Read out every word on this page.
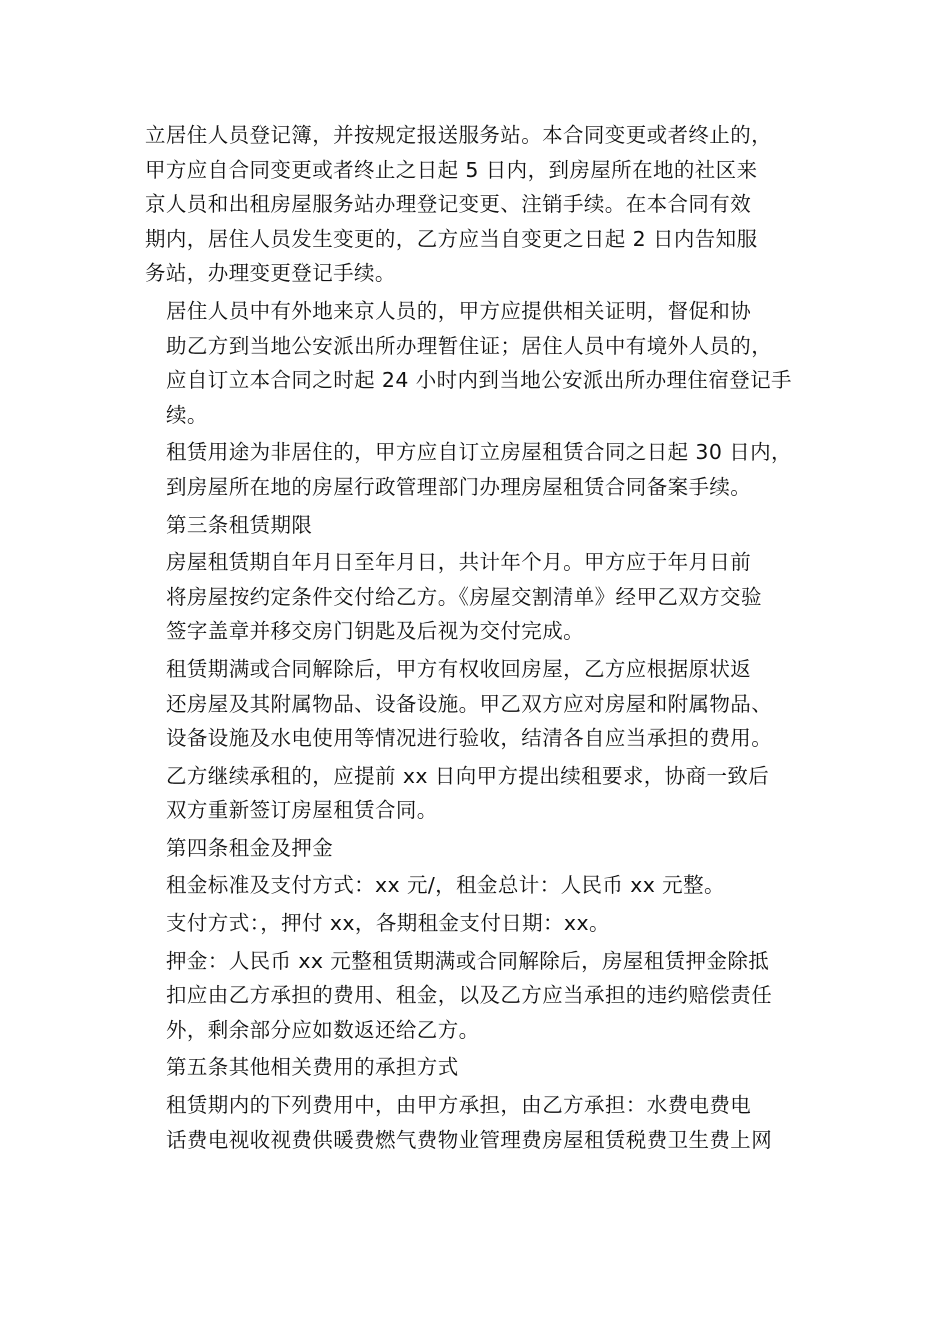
立居住人员登记簿，并按规定报送服务站。本合同变更或者终止的，
甲方应自合同变更或者终止之日起 5 日内，到房屋所在地的社区来
京人员和出租房屋服务站办理登记变更、注销手续。在本合同有效
期内，居住人员发生变更的，乙方应当自变更之日起 2 日内告知服
务站，办理变更登记手续。

居住人员中有外地来京人员的，甲方应提供相关证明，督促和协
助乙方到当地公安派出所办理暂住证；居住人员中有境外人员的，
应自订立本合同之时起 24 小时内到当地公安派出所办理住宿登记手
续。

租赁用途为非居住的，甲方应自订立房屋租赁合同之日起 30 日内，
到房屋所在地的房屋行政管理部门办理房屋租赁合同备案手续。

第三条租赁期限

房屋租赁期自年月日至年月日，共计年个月。甲方应于年月日前
将房屋按约定条件交付给乙方。《房屋交割清单》经甲乙双方交验
签字盖章并移交房门钥匙及后视为交付完成。

租赁期满或合同解除后，甲方有权收回房屋，乙方应根据原状返
还房屋及其附属物品、设备设施。甲乙双方应对房屋和附属物品、
设备设施及水电使用等情况进行验收，结清各自应当承担的费用。

乙方继续承租的，应提前 xx 日向甲方提出续租要求，协商一致后
双方重新签订房屋租赁合同。

第四条租金及押金

租金标准及支付方式：xx 元/，租金总计：人民币 xx 元整。

支付方式：，押付 xx，各期租金支付日期：xx。

押金：人民币 xx 元整租赁期满或合同解除后，房屋租赁押金除抵
扣应由乙方承担的费用、租金，以及乙方应当承担的违约赔偿责任
外，剩余部分应如数返还给乙方。

第五条其他相关费用的承担方式

租赁期内的下列费用中，由甲方承担，由乙方承担：水费电费电
话费电视收视费供暖费燃气费物业管理费房屋租赁税费卫生费上网
